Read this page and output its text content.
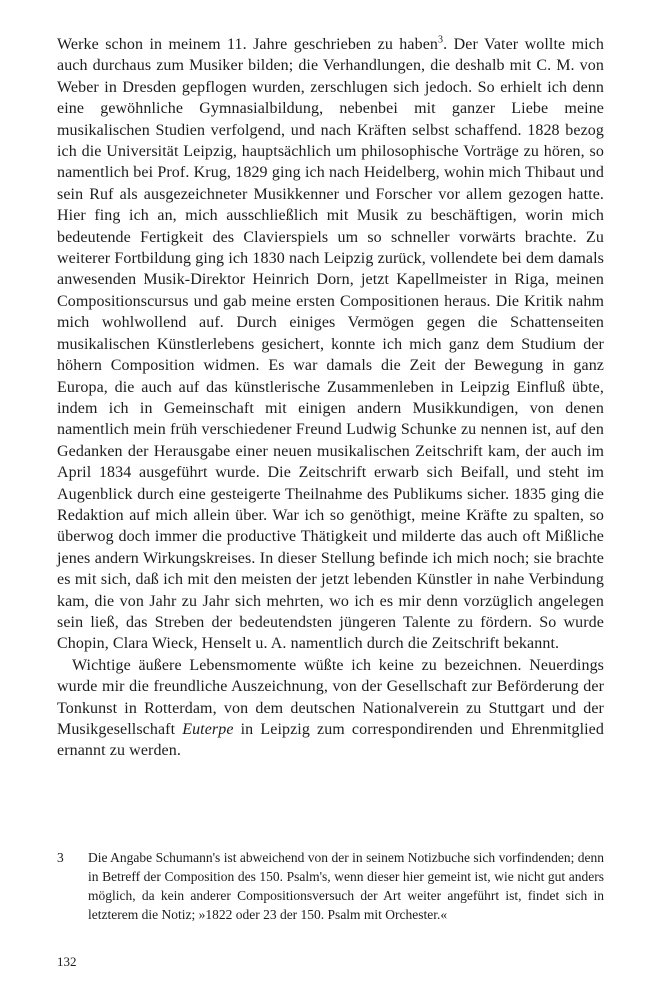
Werke schon in meinem 11. Jahre geschrieben zu haben$^3$. Der Vater wollte mich auch durchaus zum Musiker bilden; die Verhandlungen, die deshalb mit C. M. von Weber in Dresden gepflogen wurden, zerschlugen sich jedoch. So erhielt ich denn eine gewöhnliche Gymnasialbildung, nebenbei mit ganzer Liebe meine musikalischen Studien verfolgend, und nach Kräften selbst schaffend. 1828 bezog ich die Universität Leipzig, hauptsächlich um philosophische Vorträge zu hören, so namentlich bei Prof. Krug, 1829 ging ich nach Heidelberg, wohin mich Thibaut und sein Ruf als ausgezeichneter Musikkenner und Forscher vor allem gezogen hatte. Hier fing ich an, mich ausschließlich mit Musik zu beschäftigen, worin mich bedeutende Fertigkeit des Clavierspiels um so schneller vorwärts brachte. Zu weiterer Fortbildung ging ich 1830 nach Leipzig zurück, vollendete bei dem damals anwesenden Musik-Direktor Heinrich Dorn, jetzt Kapellmeister in Riga, meinen Compositionscursus und gab meine ersten Compositionen heraus. Die Kritik nahm mich wohlwollend auf. Durch einiges Vermögen gegen die Schattenseiten musikalischen Künstlerlebens gesichert, konnte ich mich ganz dem Studium der höhern Composition widmen. Es war damals die Zeit der Bewegung in ganz Europa, die auch auf das künstlerische Zusammenleben in Leipzig Einfluß übte, indem ich in Gemeinschaft mit einigen andern Musikkundigen, von denen namentlich mein früh verschiedener Freund Ludwig Schunke zu nennen ist, auf den Gedanken der Herausgabe einer neuen musikalischen Zeitschrift kam, der auch im April 1834 ausgeführt wurde. Die Zeitschrift erwarb sich Beifall, und steht im Augenblick durch eine gesteigerte Theilnahme des Publikums sicher. 1835 ging die Redaktion auf mich allein über. War ich so genöthigt, meine Kräfte zu spalten, so überwog doch immer die productive Thätigkeit und milderte das auch oft Mißliche jenes andern Wirkungskreises. In dieser Stellung befinde ich mich noch; sie brachte es mit sich, daß ich mit den meisten der jetzt lebenden Künstler in nahe Verbindung kam, die von Jahr zu Jahr sich mehrten, wo ich es mir denn vorzüglich angelegen sein ließ, das Streben der bedeutendsten jüngeren Talente zu fördern. So wurde Chopin, Clara Wieck, Henselt u. A. namentlich durch die Zeitschrift bekannt.

Wichtige äußere Lebensmomente wüßte ich keine zu bezeichnen. Neuerdings wurde mir die freundliche Auszeichnung, von der Gesellschaft zur Beförderung der Tonkunst in Rotterdam, von dem deutschen Nationalverein zu Stuttgart und der Musikgesellschaft Euterpe in Leipzig zum correspondirenden und Ehrenmitglied ernannt zu werden.

3	Die Angabe Schumann's ist abweichend von der in seinem Notizbuche sich vorfindenden; denn in Betreff der Composition des 150. Psalm's, wenn dieser hier gemeint ist, wie nicht gut anders möglich, da kein anderer Compositionsversuch der Art weiter angeführt ist, findet sich in letzterem die Notiz; »1822 oder 23 der 150. Psalm mit Orchester.«
132
